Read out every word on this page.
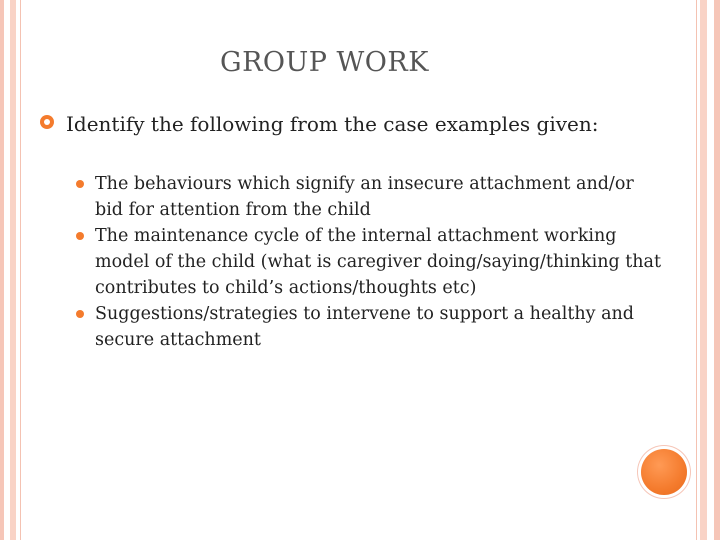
GROUP WORK
Identify the following from the case examples given:
The behaviours which signify an insecure attachment and/or bid for attention from the child
The maintenance cycle of the internal attachment working model of the child (what is caregiver doing/saying/thinking that contributes to child’s actions/thoughts etc)
Suggestions/strategies to intervene to support a healthy and secure attachment
